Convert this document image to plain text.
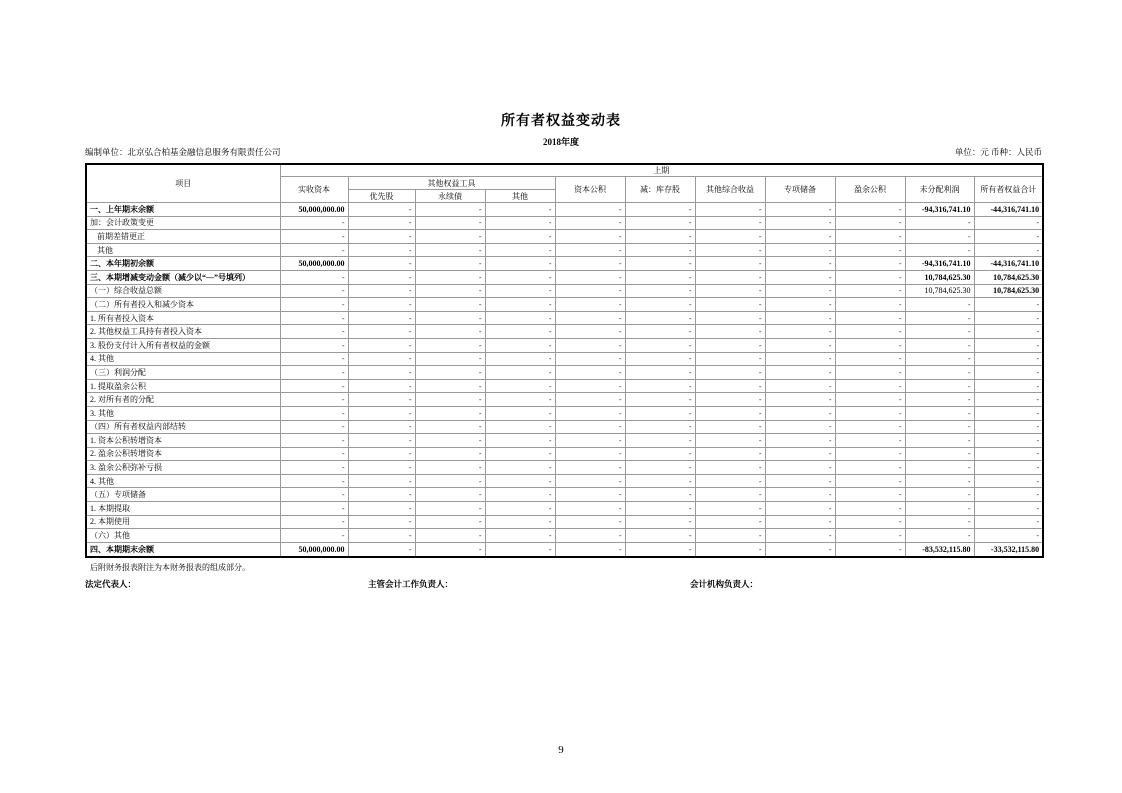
所有者权益变动表
2018年度
编制单位：北京弘合柏基金融信息服务有限责任公司	单位：元 币种：人民币
项目	上期										
	实收资本	其他权益工具			资本公积	减：库存股	其他综合收益	专项储备	盈余公积	未分配利润	所有者权益合计
		优先股	永续债	其他							
一、上年期末余额	50,000,000.00	-	-	-	-	-	-	-	-	-94,316,741.10	-44,316,741.10
加：会计政策变更	-	-	-	-	-	-	-	-	-	-	-
前期差错更正	-	-	-	-	-	-	-	-	-	-	-
其他	-	-	-	-	-	-	-	-	-	-	-
二、本年期初余额	50,000,000.00	-	-	-	-	-	-	-	-	-94,316,741.10	-44,316,741.10
三、本期增减变动金额（减少以“—”号填列）	-	-	-	-	-	-	-	-	-	10,784,625.30	10,784,625.30
（一）综合收益总额	-	-	-	-	-	-	-	-	-	10,784,625.30	10,784,625.30
（二）所有者投入和减少资本	-	-	-	-	-	-	-	-	-	-	-
1. 所有者投入资本	-	-	-	-	-	-	-	-	-	-	-
2. 其他权益工具持有者投入资本	-	-	-	-	-	-	-	-	-	-	-
3. 股份支付计入所有者权益的金额	-	-	-	-	-	-	-	-	-	-	-
4. 其他	-	-	-	-	-	-	-	-	-	-	-
（三）利润分配	-	-	-	-	-	-	-	-	-	-	-
1. 提取盈余公积	-	-	-	-	-	-	-	-	-	-	-
2. 对所有者的分配	-	-	-	-	-	-	-	-	-	-	-
3. 其他	-	-	-	-	-	-	-	-	-	-	-
（四）所有者权益内部结转	-	-	-	-	-	-	-	-	-	-	-
1. 资本公积转增资本	-	-	-	-	-	-	-	-	-	-	-
2. 盈余公积转增资本	-	-	-	-	-	-	-	-	-	-	-
3. 盈余公积弥补亏损	-	-	-	-	-	-	-	-	-	-	-
4. 其他	-	-	-	-	-	-	-	-	-	-	-
（五）专项储备	-	-	-	-	-	-	-	-	-	-	-
1. 本期提取	-	-	-	-	-	-	-	-	-	-	-
2. 本期使用	-	-	-	-	-	-	-	-	-	-	-
（六）其他	-	-	-	-	-	-	-	-	-	-	-
四、本期期末余额	50,000,000.00	-	-	-	-	-	-	-	-	-83,532,115.80	-33,532,115.80
后附财务报表附注为本财务报表的组成部分。
法定代表人：	主管会计工作负责人：	会计机构负责人：
9
